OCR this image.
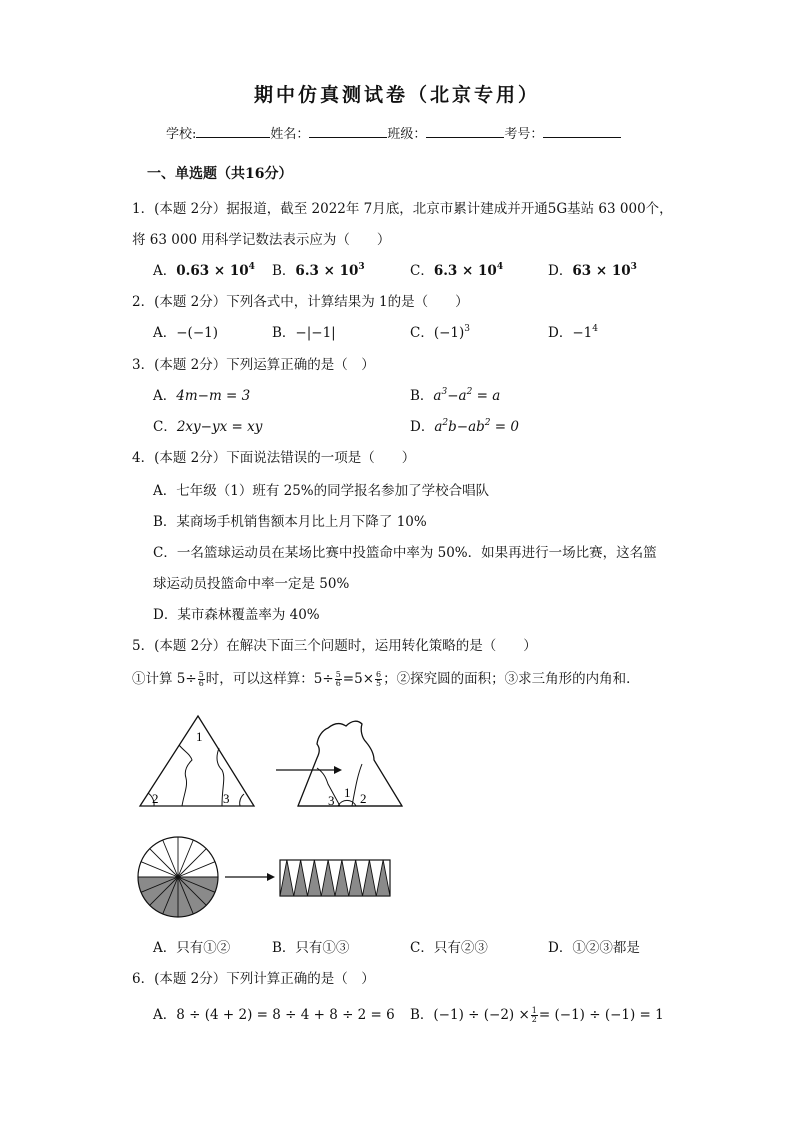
期中仿真测试卷（北京专用）
学校:	姓名：	班级：	考号：
一、单选题（共16分）
1．(本题 2分）据报道，截至 2022年 7月底，北京市累计建成并开通5G基站 63 000个，
将 63 000 用科学记数法表示应为（　　）
A．$0.63 \times 10^4$ B．$6.3 \times 10^3$	C．$6.3 \times 10^4$	D．$63 \times 10^3$
2．(本题 2分）下列各式中，计算结果为 1的是（　　）
A．−(−1)	B．−|−1|	C．$(-1)^3$	D．$-1^4$
3．(本题 2分）下列运算正确的是（　）
A．4m−m = 3	B．$a^3-a^2 = a$
C．2xy−yx = xy	D．$a^2b-ab^2 = 0$
4．(本题 2分）下面说法错误的一项是（　　）
A．七年级（1）班有 25%的同学报名参加了学校合唱队
B．某商场手机销售额本月比上月下降了 10%
C．一名篮球运动员在某场比赛中投篮命中率为 50%．如果再进行一场比赛，这名篮
球运动员投篮命中率一定是 50%
D．某市森林覆盖率为 40%
5．(本题 2分）在解决下面三个问题时，运用转化策略的是（　　）
①计算 $5\div \frac{5}{6}$ 时，可以这样算：$5\div \frac{5}{6} =5\times \frac{6}{5}$ ；②探究圆的面积；③求三角形的内角和．
1
2	3	3
1 2
A．只有①②	B．只有①③	C．只有②③	D．①②③都是
6．(本题 2分）下列计算正确的是（　）
A．8 ÷ (4 + 2) = 8 ÷ 4 + 8 ÷ 2 = 6 B．$(-1) \div (-2) \times \frac{1}{2} = (-1) \div (-1) = 1$
